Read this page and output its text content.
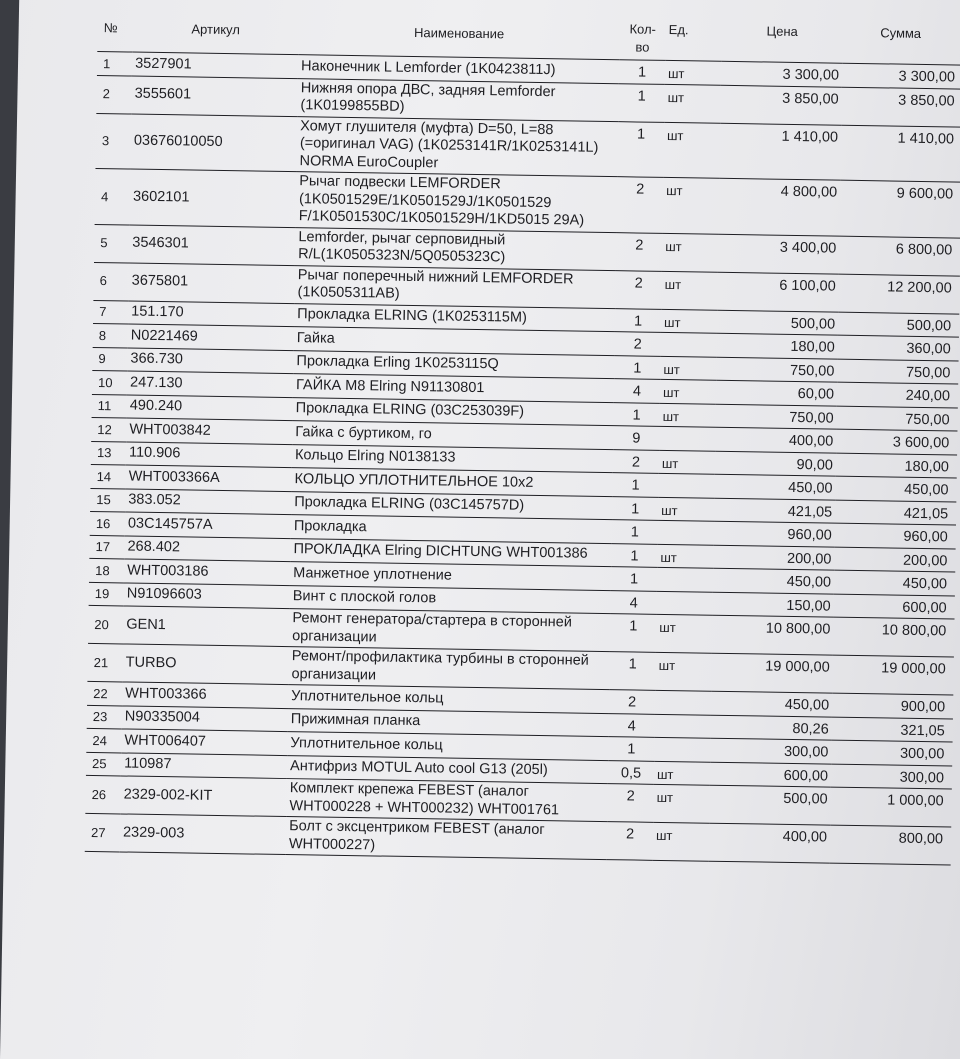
№	Артикул	Наименование	Кол-во	Ед.	Цена	Сумма
1	3527901	Наконечник L Lemforder (1K0423811J)	1	шт	3 300,00	3 300,00
2	3555601	Нижняя опора ДВС, задняя Lemforder (1K0199855BD)	1	шт	3 850,00	3 850,00
3	03676010050	Хомут глушителя (муфта) D=50, L=88 (=оригинал VAG) (1K0253141R/1K0253141L) NORMA EuroCoupler	1	шт	1 410,00	1 410,00
4	3602101	Рычаг подвески LEMFORDER (1K0501529E/1K0501529J/1K0501529 F/1K0501530C/1K0501529H/1KD5015 29A)	2	шт	4 800,00	9 600,00
5	3546301	Lemforder, рычаг серповидный R/L(1K0505323N/5Q0505323C)	2	шт	3 400,00	6 800,00
6	3675801	Рычаг поперечный нижний LEMFORDER (1K0505311AB)	2	шт	6 100,00	12 200,00
7	151.170	Прокладка ELRING (1K0253115M)	1	шт	500,00	500,00
8	N0221469	Гайка	2		180,00	360,00
9	366.730	Прокладка Erling 1K0253115Q	1	шт	750,00	750,00
10	247.130	ГАЙКА М8 Elring N91130801	4	шт	60,00	240,00
11	490.240	Прокладка ELRING (03C253039F)	1	шт	750,00	750,00
12	WHT003842	Гайка с буртиком, го	9		400,00	3 600,00
13	110.906	Кольцо Elring N0138133	2	шт	90,00	180,00
14	WHT003366A	КОЛЬЦО УПЛОТНИТЕЛЬНОЕ 10x2	1		450,00	450,00
15	383.052	Прокладка ELRING (03C145757D)	1	шт	421,05	421,05
16	03C145757A	Прокладка	1		960,00	960,00
17	268.402	ПРОКЛАДКА Elring DICHTUNG WHT001386	1	шт	200,00	200,00
18	WHT003186	Манжетное уплотнение	1		450,00	450,00
19	N91096603	Винт с плоской голов	4		150,00	600,00
20	GEN1	Ремонт генератора/стартера в сторонней организации	1	шт	10 800,00	10 800,00
21	TURBO	Ремонт/профилактика турбины в сторонней организации	1	шт	19 000,00	19 000,00
22	WHT003366	Уплотнительное кольц	2		450,00	900,00
23	N90335004	Прижимная планка	4		80,26	321,05
24	WHT006407	Уплотнительное кольц	1		300,00	300,00
25	110987	Антифриз MOTUL Auto cool G13 (205l)	0,5	шт	600,00	300,00
26	2329-002-KIT	Комплект крепежа FEBEST (аналог WHT000228 + WHT000232) WHT001761	2	шт	500,00	1 000,00
27	2329-003	Болт с эксцентриком FEBEST (аналог WHT000227)	2	шт	400,00	800,00
